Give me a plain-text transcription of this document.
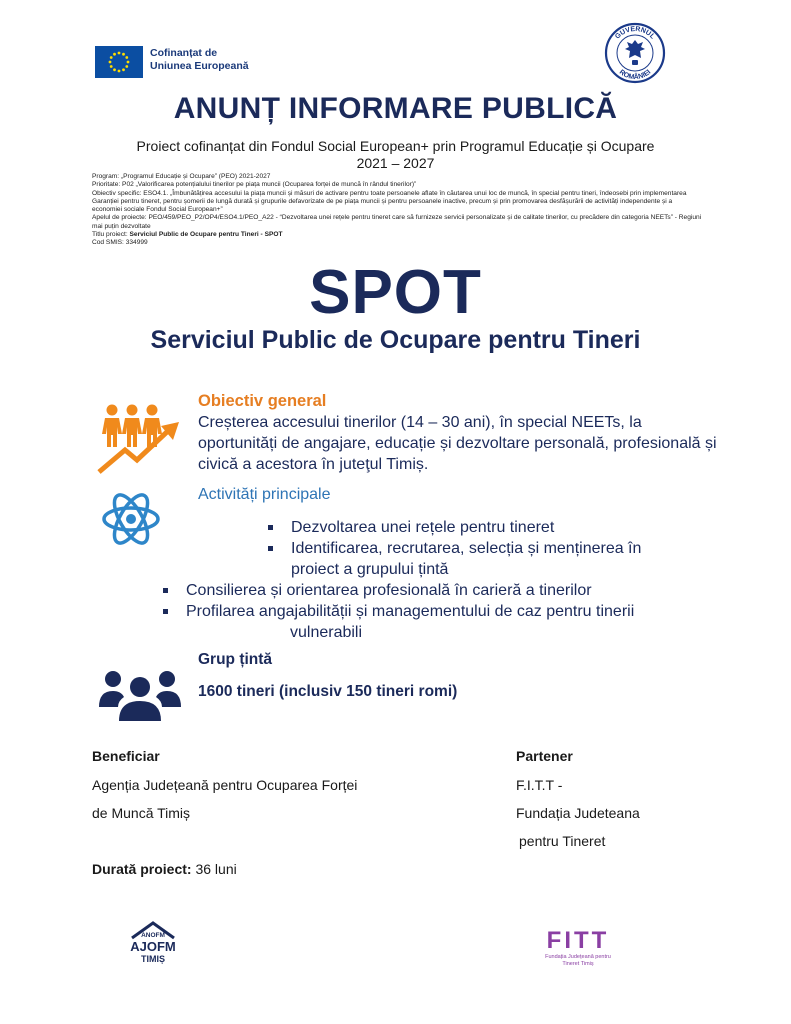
Cofinanțat de
Uniunea Europeană
GUVERNUL
ROMÂNIEI
ANUNȚ INFORMARE PUBLICĂ
Proiect cofinanțat din Fondul Social European+ prin Programul Educație și Ocupare
2021 – 2027
Program: „Programul Educație și Ocupare” (PEO) 2021-2027
Prioritate: P02 „Valorificarea potențialului tinerilor pe piața muncii (Ocuparea forței de muncă în rândul tinerilor)”
Obiectiv specific: ESO4.1. „Îmbunătățirea accesului la piața muncii și măsuri de activare pentru toate persoanele aflate în căutarea unui loc de muncă, în special pentru tineri, îndeosebi prin implementarea Garanției pentru tineret, pentru șomerii de lungă durată și grupurile defavorizate de pe piața muncii și pentru persoanele inactive, precum și prin promovarea desfășurării de activități independente și a economiei sociale Fondul Social European+”
Apelul de proiecte: PEO/459/PEO_P2/OP4/ESO4.1/PEO_A22 - “Dezvoltarea unei rețele pentru tineret care să furnizeze servicii personalizate și de calitate tinerilor, cu precădere din categoria NEETs” - Regiuni mai puțin dezvoltate
Titlu proiect: Serviciul Public de Ocupare pentru Tineri - SPOT
Cod SMIS: 334999
SPOT
Serviciul Public de Ocupare pentru Tineri
Obiectiv general
Creșterea accesului tinerilor (14 – 30 ani), în special NEETs, la oportunități de angajare, educație și dezvoltare personală, profesională și civică a acestora în juteţul Timiș.
Activități principale
Dezvoltarea unei rețele pentru tineret
Identificarea, recrutarea, selecția și menținerea în
proiect a grupului țintă
Consilierea și orientarea profesională în carieră a tinerilor
Profilarea angajabilității și managementului de caz pentru tinerii
vulnerabili
Grup țintă
1600 tineri (inclusiv 150 tineri romi)
Beneficiar
Agenția Județeană pentru Ocuparea Forței
de Muncă Timiș
Partener
F.I.T.T -
Fundația Judeteana
pentru Tineret
Durată proiect: 36 luni
ANOFM
AJOFM
TIMIȘ
FITT
Fundația Județeană pentru
Tineret Timiș
